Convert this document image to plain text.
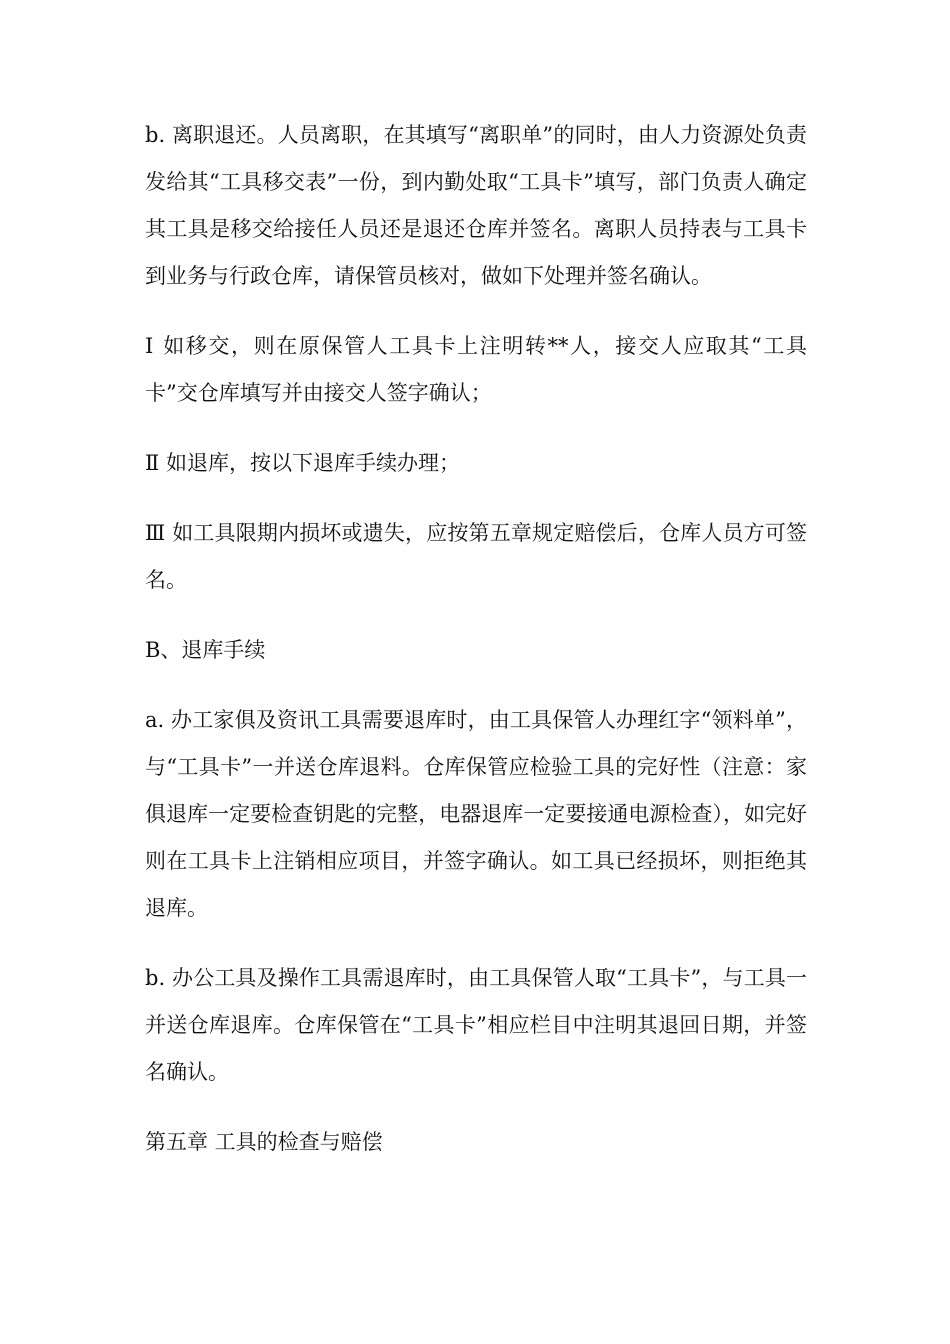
b. 离职退还。人员离职，在其填写“离职单”的同时，由人力资源处负责发给其“工具移交表”一份，到内勤处取“工具卡”填写，部门负责人确定其工具是移交给接任人员还是退还仓库并签名。离职人员持表与工具卡到业务与行政仓库，请保管员核对，做如下处理并签名确认。

Ⅰ 如移交，则在原保管人工具卡上注明转**人，接交人应取其“工具卡”交仓库填写并由接交人签字确认；

Ⅱ 如退库，按以下退库手续办理；

Ⅲ 如工具限期内损坏或遗失，应按第五章规定赔偿后，仓库人员方可签名。

B、退库手续

a. 办工家俱及资讯工具需要退库时，由工具保管人办理红字“领料单”，与“工具卡”一并送仓库退料。仓库保管应检验工具的完好性（注意：家俱退库一定要检查钥匙的完整，电器退库一定要接通电源检查），如完好则在工具卡上注销相应项目，并签字确认。如工具已经损坏，则拒绝其退库。

b. 办公工具及操作工具需退库时，由工具保管人取“工具卡”，与工具一并送仓库退库。仓库保管在“工具卡”相应栏目中注明其退回日期，并签名确认。

第五章 工具的检查与赔偿
